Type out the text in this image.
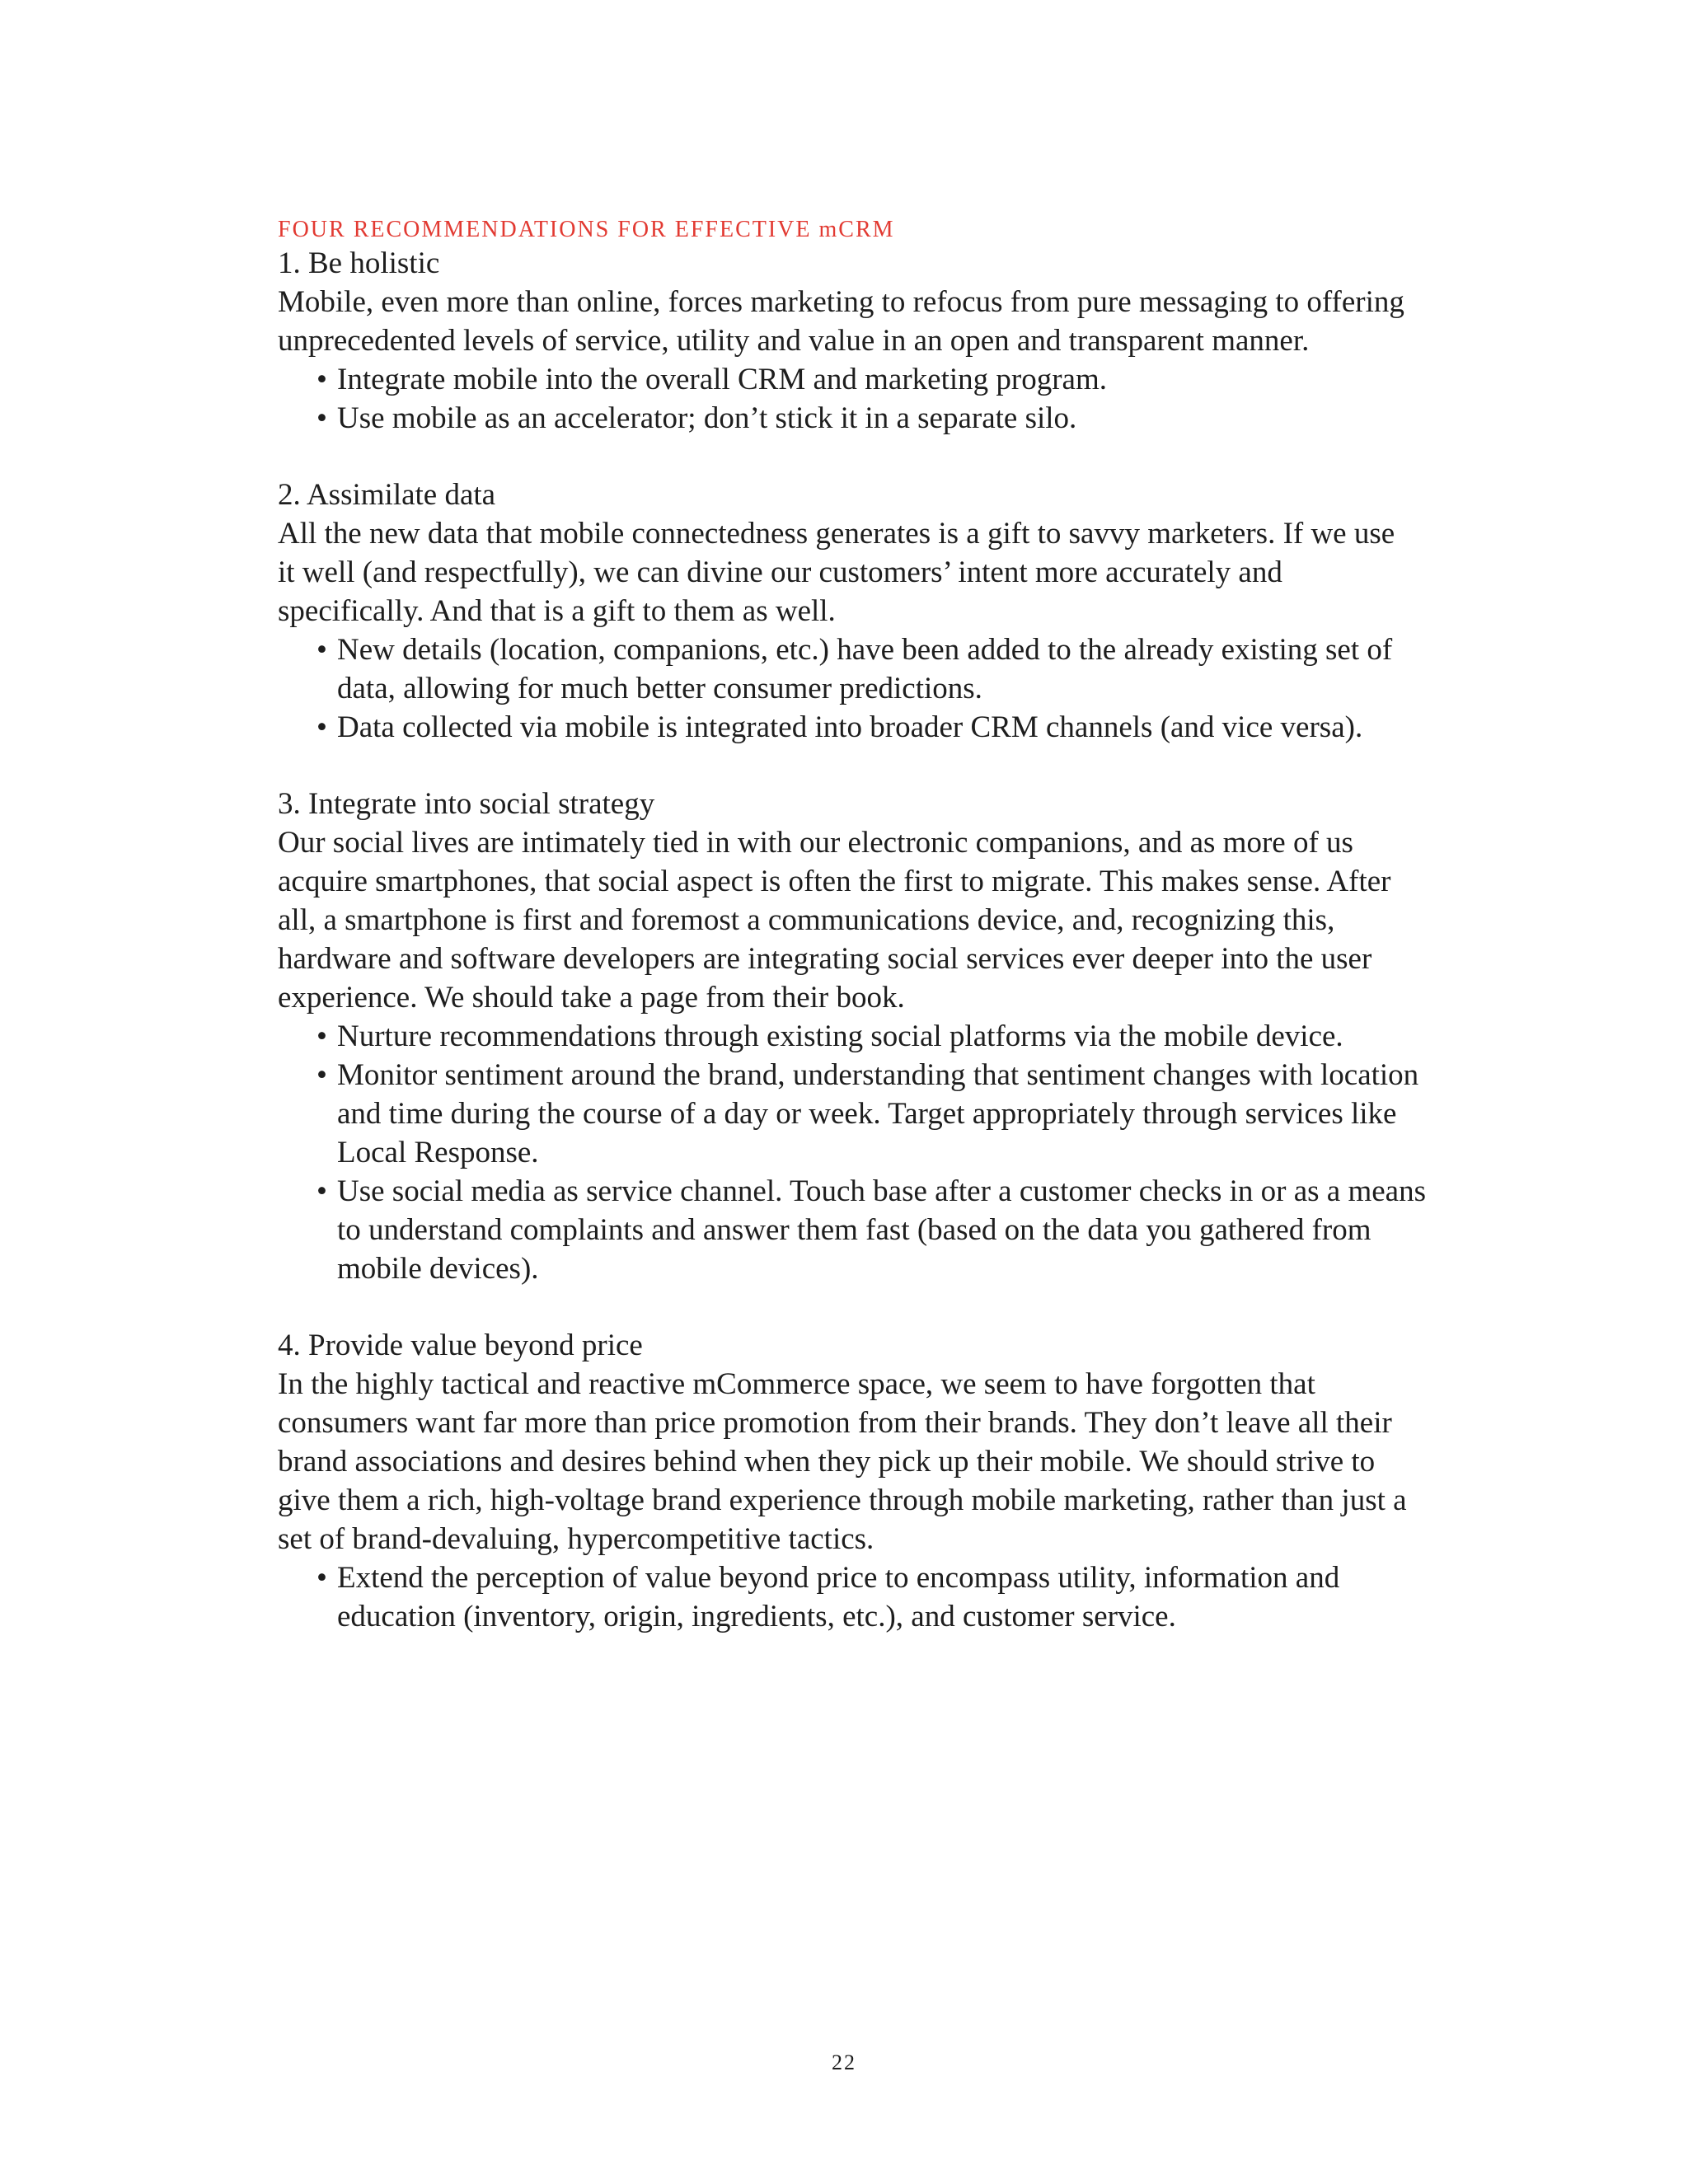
FOUR RECOMMENDATIONS FOR EFFECTIVE mCRM
1. Be holistic

Mobile, even more than online, forces marketing to refocus from pure messaging to offering unprecedented levels of service, utility and value in an open and transparent manner.

• Integrate mobile into the overall CRM and marketing program.
• Use mobile as an accelerator; don’t stick it in a separate silo.
2. Assimilate data

All the new data that mobile connectedness generates is a gift to savvy marketers. If we use it well (and respectfully), we can divine our customers’ intent more accurately and specifically. And that is a gift to them as well.

• New details (location, companions, etc.) have been added to the already existing set of data, allowing for much better consumer predictions.
• Data collected via mobile is integrated into broader CRM channels (and vice versa).
3. Integrate into social strategy

Our social lives are intimately tied in with our electronic companions, and as more of us acquire smartphones, that social aspect is often the first to migrate. This makes sense. After all, a smartphone is first and foremost a communications device, and, recognizing this, hardware and software developers are integrating social services ever deeper into the user experience. We should take a page from their book.

• Nurture recommendations through existing social platforms via the mobile device.
• Monitor sentiment around the brand, understanding that sentiment changes with location and time during the course of a day or week. Target appropriately through services like Local Response.
• Use social media as service channel. Touch base after a customer checks in or as a means to understand complaints and answer them fast (based on the data you gathered from mobile devices).
4. Provide value beyond price

In the highly tactical and reactive mCommerce space, we seem to have forgotten that consumers want far more than price promotion from their brands. They don’t leave all their brand associations and desires behind when they pick up their mobile. We should strive to give them a rich, high-voltage brand experience through mobile marketing, rather than just a set of brand-devaluing, hypercompetitive tactics.

• Extend the perception of value beyond price to encompass utility, information and education (inventory, origin, ingredients, etc.), and customer service.
22
